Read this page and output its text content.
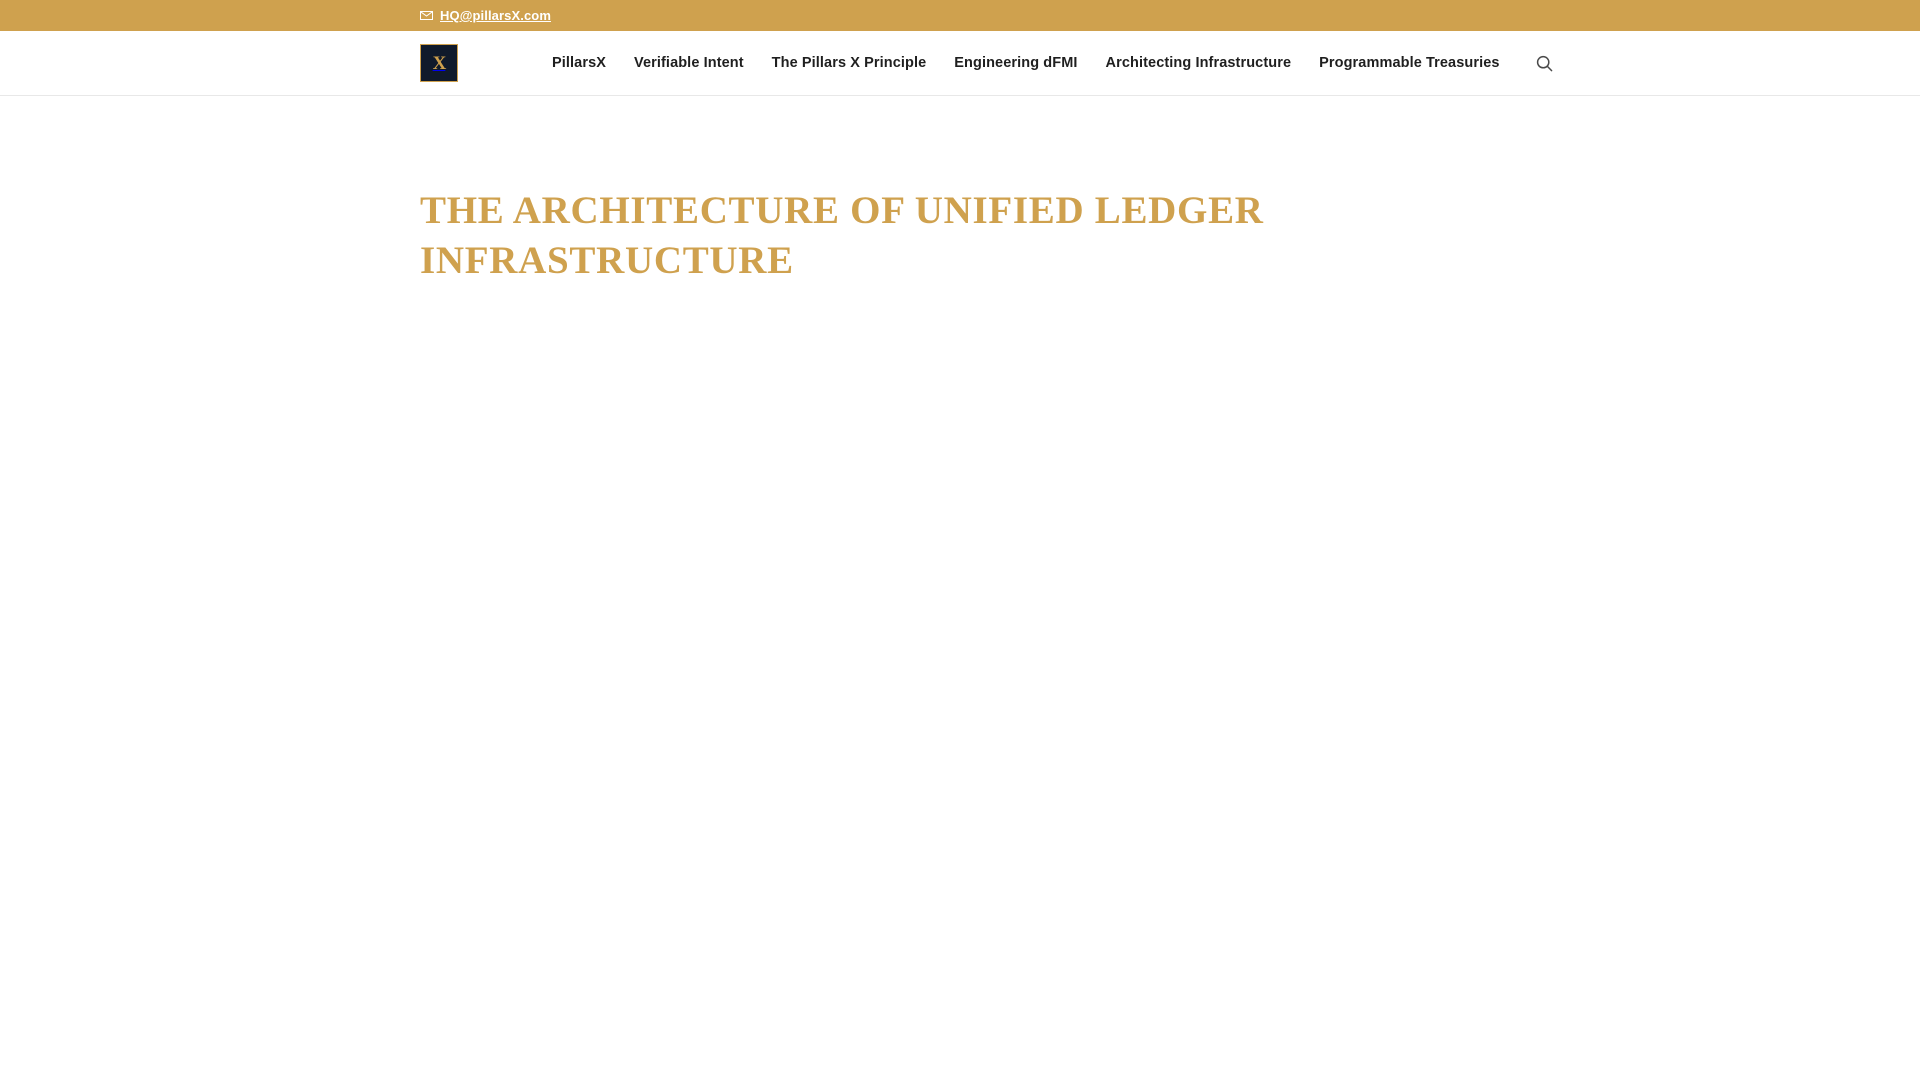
HQ@pillarsX.com
X	PillarsX	Verifiable Intent	The Pillars X Principle	Engineering dFMI	Architecting Infrastructure	Programmable Treasuries
THE ARCHITECTURE OF UNIFIED LEDGER INFRASTRUCTURE
